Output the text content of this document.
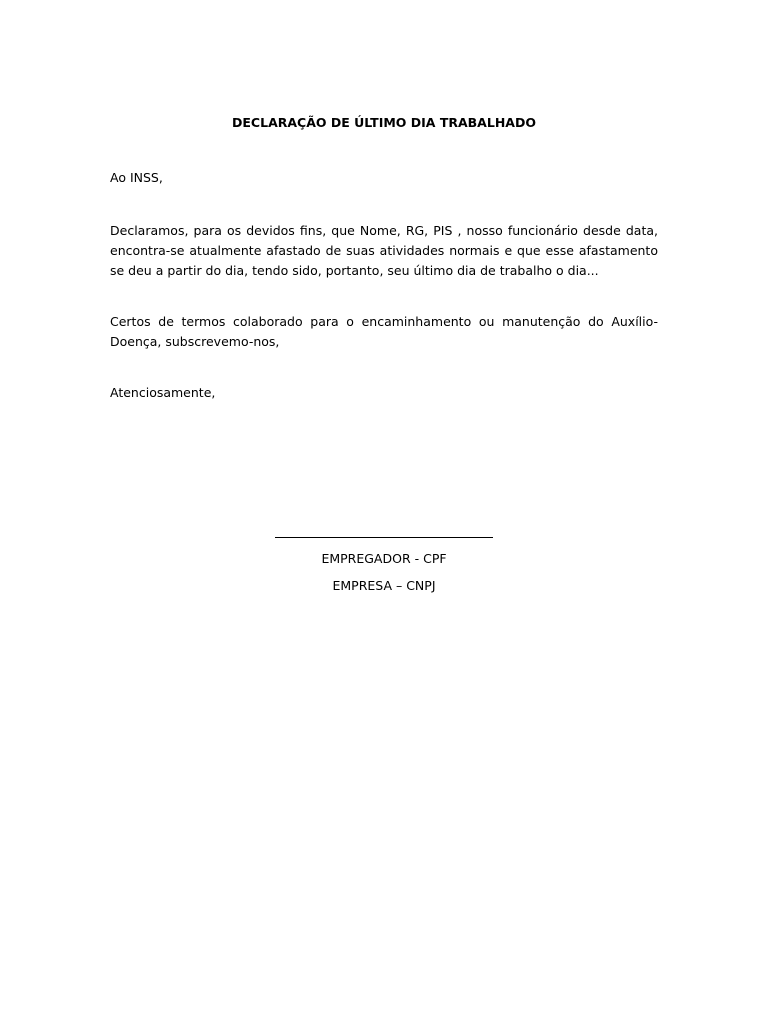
DECLARAÇÃO DE ÚLTIMO DIA TRABALHADO
Ao INSS,
Declaramos, para os devidos fins, que Nome, RG, PIS , nosso funcionário desde data, encontra-se atualmente afastado de suas atividades normais e que esse afastamento se deu a partir do dia, tendo sido, portanto, seu último dia de trabalho o dia...
Certos de termos colaborado para o encaminhamento ou manutenção do Auxílio-Doença, subscrevemo-nos,
Atenciosamente,
EMPREGADOR - CPF
EMPRESA – CNPJ
